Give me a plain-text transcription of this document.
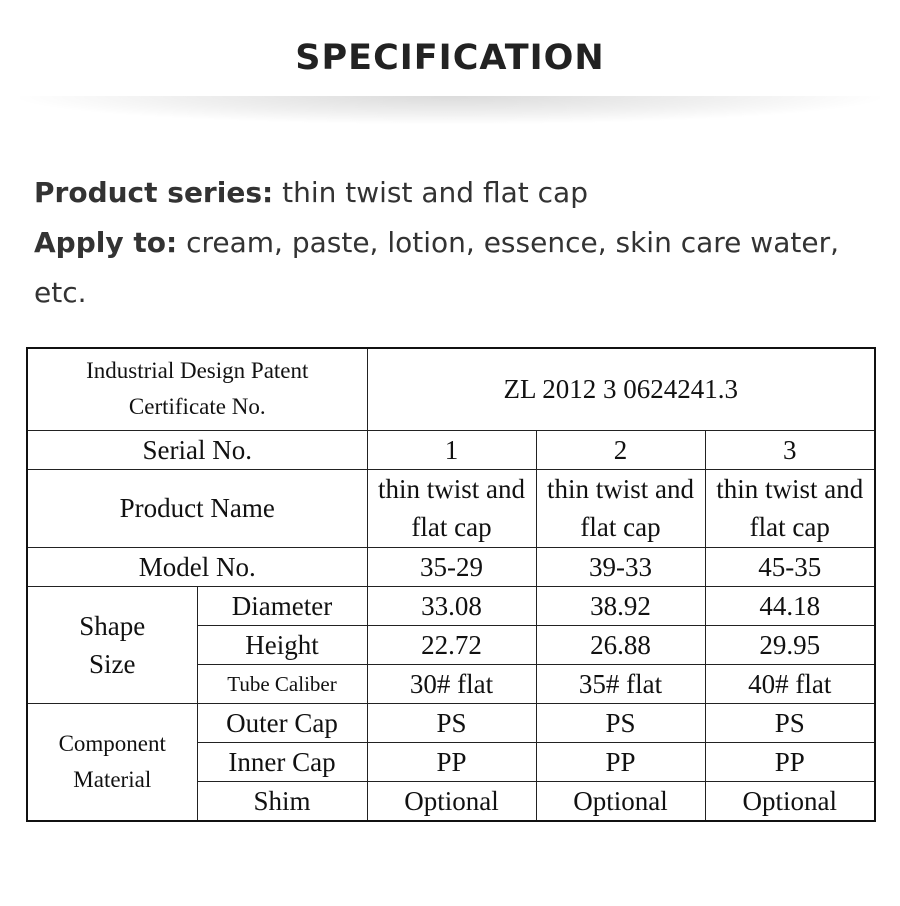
SPECIFICATION
Product series: thin twist and flat cap
Apply to: cream, paste, lotion, essence, skin care water, etc.
Industrial Design Patent Certificate No.		ZL 2012 3 0624241.3		
Serial No.		1	2	3
Product Name		thin twist and flat cap	thin twist and flat cap	thin twist and flat cap
Model No.		35-29	39-33	45-35
Shape Size	Diameter	33.08	38.92	44.18
	Height	22.72	26.88	29.95
	Tube Caliber	30# flat	35# flat	40# flat
Component Material	Outer Cap	PS	PS	PS
	Inner Cap	PP	PP	PP
	Shim	Optional	Optional	Optional
